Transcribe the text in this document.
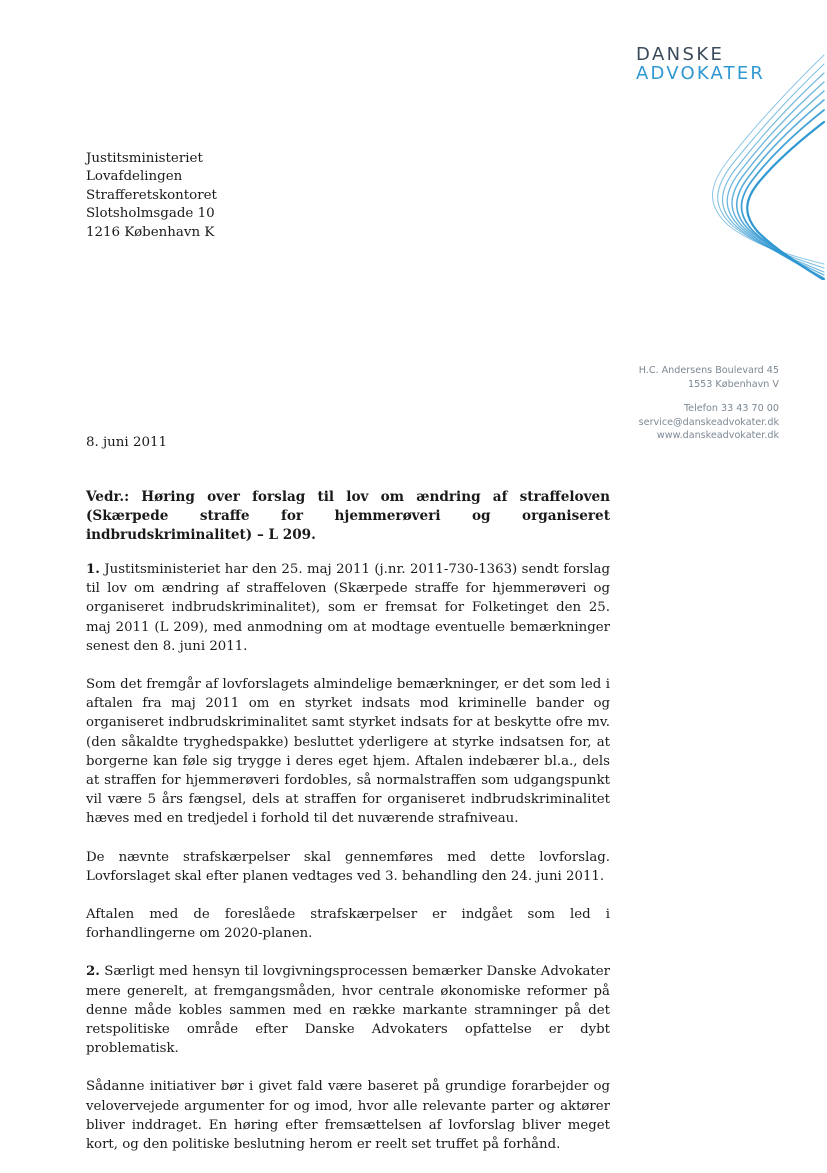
DANSKE
ADVOKATER
Justitsministeriet
Lovafdelingen
Strafferetskontoret
Slotsholmsgade 10
1216 København K
H.C. Andersens Boulevard 45
1553 København V
Telefon 33 43 70 00
service@danskeadvokater.dk
www.danskeadvokater.dk
8. juni 2011

Vedr.: Høring over forslag til lov om ændring af straffeloven (Skærpede straffe for hjemmerøveri og organiseret indbrudskriminalitet) – L 209.

1. Justitsministeriet har den 25. maj 2011 (j.nr. 2011-730-1363) sendt forslag til lov om ændring af straffeloven (Skærpede straffe for hjemmerøveri og organiseret indbrudskriminalitet), som er fremsat for Folketinget den 25. maj 2011 (L 209), med anmodning om at modtage eventuelle bemærkninger senest den 8. juni 2011.

Som det fremgår af lovforslagets almindelige bemærkninger, er det som led i aftalen fra maj 2011 om en styrket indsats mod kriminelle bander og organiseret indbrudskriminalitet samt styrket indsats for at beskytte ofre mv. (den såkaldte tryghedspakke) besluttet yderligere at styrke indsatsen for, at borgerne kan føle sig trygge i deres eget hjem. Aftalen indebærer bl.a., dels at straffen for hjemmerøveri fordobles, så normalstraffen som udgangspunkt vil være 5 års fængsel, dels at straffen for organiseret indbrudskriminalitet hæves med en tredjedel i forhold til det nuværende strafniveau.

De nævnte strafskærpelser skal gennemføres med dette lovforslag. Lovforslaget skal efter planen vedtages ved 3. behandling den 24. juni 2011.

Aftalen med de foreslåede strafskærpelser er indgået som led i forhandlingerne om 2020-planen.

2. Særligt med hensyn til lovgivningsprocessen bemærker Danske Advokater mere generelt, at fremgangsmåden, hvor centrale økonomiske reformer på denne måde kobles sammen med en række markante stramninger på det retspolitiske område efter Danske Advokaters opfattelse er dybt problematisk.

Sådanne initiativer bør i givet fald være baseret på grundige forarbejder og velovervejede argumenter for og imod, hvor alle relevante parter og aktører bliver inddraget. En høring efter fremsættelsen af lovforslag bliver meget kort, og den politiske beslutning herom er reelt set truffet på forhånd.
